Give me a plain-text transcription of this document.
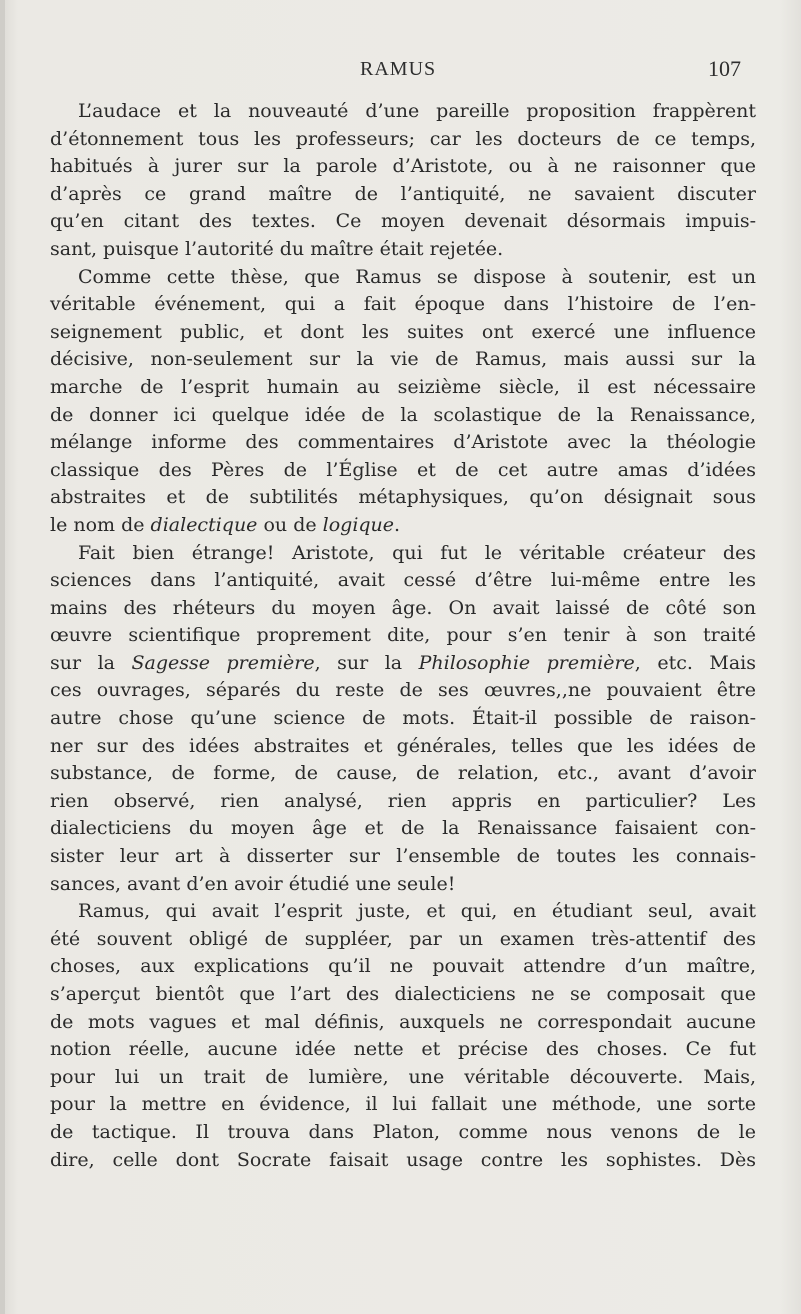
RAMUS	107
L’audace et la nouveauté d’une pareille proposition frappèrent
d’étonnement tous les professeurs; car les docteurs de ce temps,
habitués à jurer sur la parole d’Aristote, ou à ne raisonner que
d’après ce grand maître de l’antiquité, ne savaient discuter
qu’en citant des textes. Ce moyen devenait désormais impuis-
sant, puisque l’autorité du maître était rejetée.
Comme cette thèse, que Ramus se dispose à soutenir, est un
véritable événement, qui a fait époque dans l’histoire de l’en-
seignement public, et dont les suites ont exercé une influence
décisive, non-seulement sur la vie de Ramus, mais aussi sur la
marche de l’esprit humain au seizième siècle, il est nécessaire
de donner ici quelque idée de la scolastique de la Renaissance,
mélange informe des commentaires d’Aristote avec la théologie
classique des Pères de l’Église et de cet autre amas d’idées
abstraites et de subtilités métaphysiques, qu’on désignait sous
le nom de dialectique ou de logique.
Fait bien étrange! Aristote, qui fut le véritable créateur des
sciences dans l’antiquité, avait cessé d’être lui-même entre les
mains des rhéteurs du moyen âge. On avait laissé de côté son
œuvre scientifique proprement dite, pour s’en tenir à son traité
sur la Sagesse première, sur la Philosophie première, etc. Mais
ces ouvrages, séparés du reste de ses œuvres,,ne pouvaient être
autre chose qu’une science de mots. Était-il possible de raison-
ner sur des idées abstraites et générales, telles que les idées de
substance, de forme, de cause, de relation, etc., avant d’avoir
rien observé, rien analysé, rien appris en particulier? Les
dialecticiens du moyen âge et de la Renaissance faisaient con-
sister leur art à disserter sur l’ensemble de toutes les connais-
sances, avant d’en avoir étudié une seule!
Ramus, qui avait l’esprit juste, et qui, en étudiant seul, avait
été souvent obligé de suppléer, par un examen très-attentif des
choses, aux explications qu’il ne pouvait attendre d’un maître,
s’aperçut bientôt que l’art des dialecticiens ne se composait que
de mots vagues et mal définis, auxquels ne correspondait aucune
notion réelle, aucune idée nette et précise des choses. Ce fut
pour lui un trait de lumière, une véritable découverte. Mais,
pour la mettre en évidence, il lui fallait une méthode, une sorte
de tactique. Il trouva dans Platon, comme nous venons de le
dire, celle dont Socrate faisait usage contre les sophistes. Dès
